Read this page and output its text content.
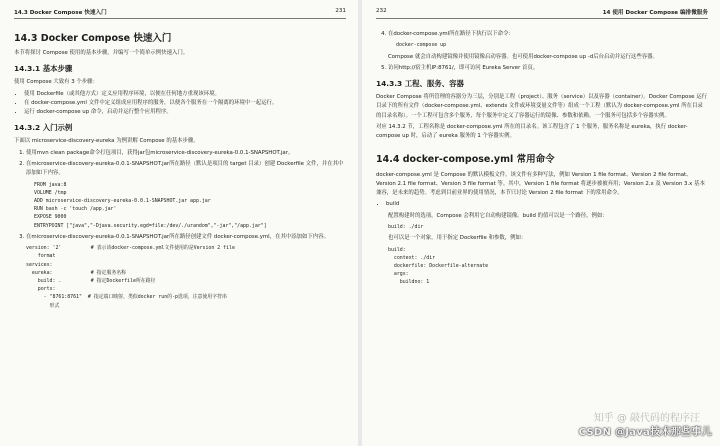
14.3 Docker Compose 快速入门	231
14.3 Docker Compose 快速入门

本节将探讨 Compose 使用的基本步骤，并编写一个简单示例快速入门。

14.3.1 基本步骤

使用 Compose 大致有 3 个步骤：

• 使用 Dockerfile（或其他方式）定义应用程序环境，以便在任何地方重现该环境。
• 在 docker-compose.yml 文件中定义组成应用程序的服务，以便各个服务在一个隔离的环境中一起运行。
• 运行 docker-compose up 命令，启动并运行整个应用程序。
14.3.2 入门示例

下面以 microservice-discovery-eureka 为例讲解 Compose 的基本步骤。

1. 使用mvn clean package命令打包项目，获得jar包microservice-discovery-eureka-0.0.1-SNAPSHOT.jar。

2. 在microservice-discovery-eureka-0.0.1-SNAPSHOT.jar所在路径（默认是项目的 target 目录）创建 Dockerfile 文件，并在其中添加如下内容。

FROM java:8
VOLUME /tmp
ADD microservice-discovery-eureka-0.0.1-SNAPSHOT.jar app.jar
RUN bash -c 'touch /app.jar'
EXPOSE 9000
ENTRYPOINT ["java","-Djava.security.egd=file:/dev/./urandom","-jar","/app.jar"]

3. 在microservice-discovery-eureka-0.0.1-SNAPSHOT.jar所在路径创建文件 docker-compose.yml，在其中添加如下内容。

version: '2'          # 表示该docker-compose.yml文件使用的是Version 2 file
format
services:
eureka:             # 指定服务名称
build: .          # 指定Dockerfile所在路径
ports:
- "8761:8761"  # 指定端口映射，类似docker run的-p选项，注意使用字符串
形式
232	14 使用 Docker Compose 编排微服务

4. 在docker-compose.yml所在路径下执行以下命令：

docker-compose up

Compose 就会自动构建镜像并使用镜像启动容器。也可使用docker-compose up -d后台启动并运行这些容器。

5. 访问http://宿主机IP:8761/，即可访问 Eureka Server 首页。

14.3.3 工程、服务、容器

Docker Compose 将所管理的容器分为三层，分别是工程（project）、服务（service）以及容器（container）。Docker Compose 运行目录下的所有文件（docker-compose.yml、extends 文件或环境变量文件等）组成一个工程（默认为 docker-compose.yml 所在目录的目录名称）。一个工程可包含多个服务，每个服务中定义了容器运行的镜像、参数和依赖。一个服务可包括多个容器实例。

对应 14.3.2 节，工程名称是 docker-compose.yml 所在的目录名。该工程包含了 1 个服务，服务名称是 eureka，执行 docker-compose up 时，启动了 eureka 服务的 1 个容器实例。

14.4 docker-compose.yml 常用命令

docker-compose.yml 是 Compose 的默认模板文件。该文件有多种写法，例如 Version 1 file format、Version 2 file format、Version 2.1 file format、Version 3 file format 等。其中，Version 1 file format 将逐步被被弃用；Version 2.x 及 Version 3.x 基本兼容，是未来的趋势。考虑到目前业界的使用情况，本节只讨论 Version 2 file format 下的常用命令。

• build

配置构建时的选项，Compose 会利用它自动构建镜像。build 的值可以是一个路径，例如：

build: ./dir

也可以是一个对象，用于指定 Dockerfile 和参数，例如：

build:
context: ./dir
dockerfile: Dockerfile-alternate
args:
buildno: 1
知乎 @ 敲代码的程序汪
CSDN @Java技术那些事儿
